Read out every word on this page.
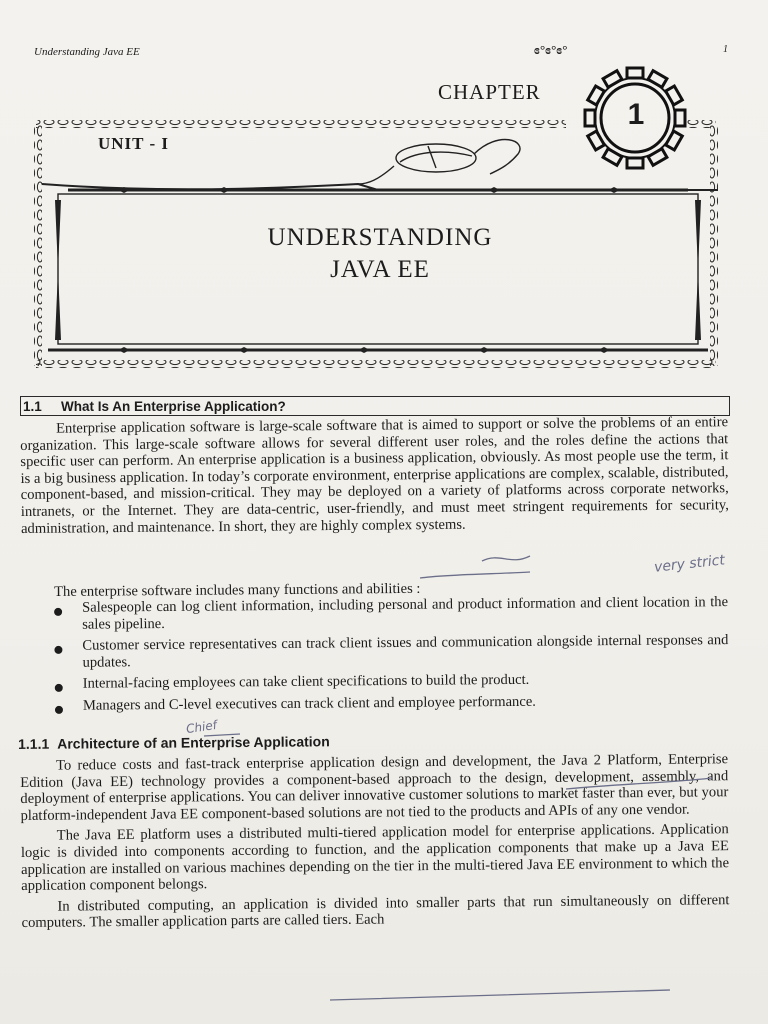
Understanding Java EE	ɞ°ɞ°ɞ°	1
CHAPTER
1
UNIT - I
UNDERSTANDING
JAVA EE
1.1 What Is An Enterprise Application?

Enterprise application software is large-scale software that is aimed to support or solve the problems of an entire organization. This large-scale software allows for several different user roles, and the roles define the actions that specific user can perform. An enterprise application is a business application, obviously. As most people use the term, it is a big business application. In today’s corporate environment, enterprise applications are complex, scalable, distributed, component-based, and mission-critical. They may be deployed on a variety of platforms across corporate networks, intranets, or the Internet. They are data-centric, user-friendly, and must meet stringent requirements for security, administration, and maintenance. In short, they are highly complex systems.

The enterprise software includes many functions and abilities :
Salespeople can log client information, including personal and product information and client location in the sales pipeline.
Customer service representatives can track client issues and communication alongside internal responses and updates.
Internal-facing employees can take client specifications to build the product.
Managers and C-level executives can track client and employee performance.
1.1.1 Architecture of an Enterprise Application

To reduce costs and fast-track enterprise application design and development, the Java 2 Platform, Enterprise Edition (Java EE) technology provides a component-based approach to the design, development, assembly, and deployment of enterprise applications. You can deliver innovative customer solutions to market faster than ever, but your platform-independent Java EE component-based solutions are not tied to the products and APIs of any one vendor.

The Java EE platform uses a distributed multi-tiered application model for enterprise applications. Application logic is divided into components according to function, and the application components that make up a Java EE application are installed on various machines depending on the tier in the multi-tiered Java EE environment to which the application component belongs.

In distributed computing, an application is divided into smaller parts that run simultaneously on different computers. The smaller application parts are called tiers. Each

very strict
Chief
